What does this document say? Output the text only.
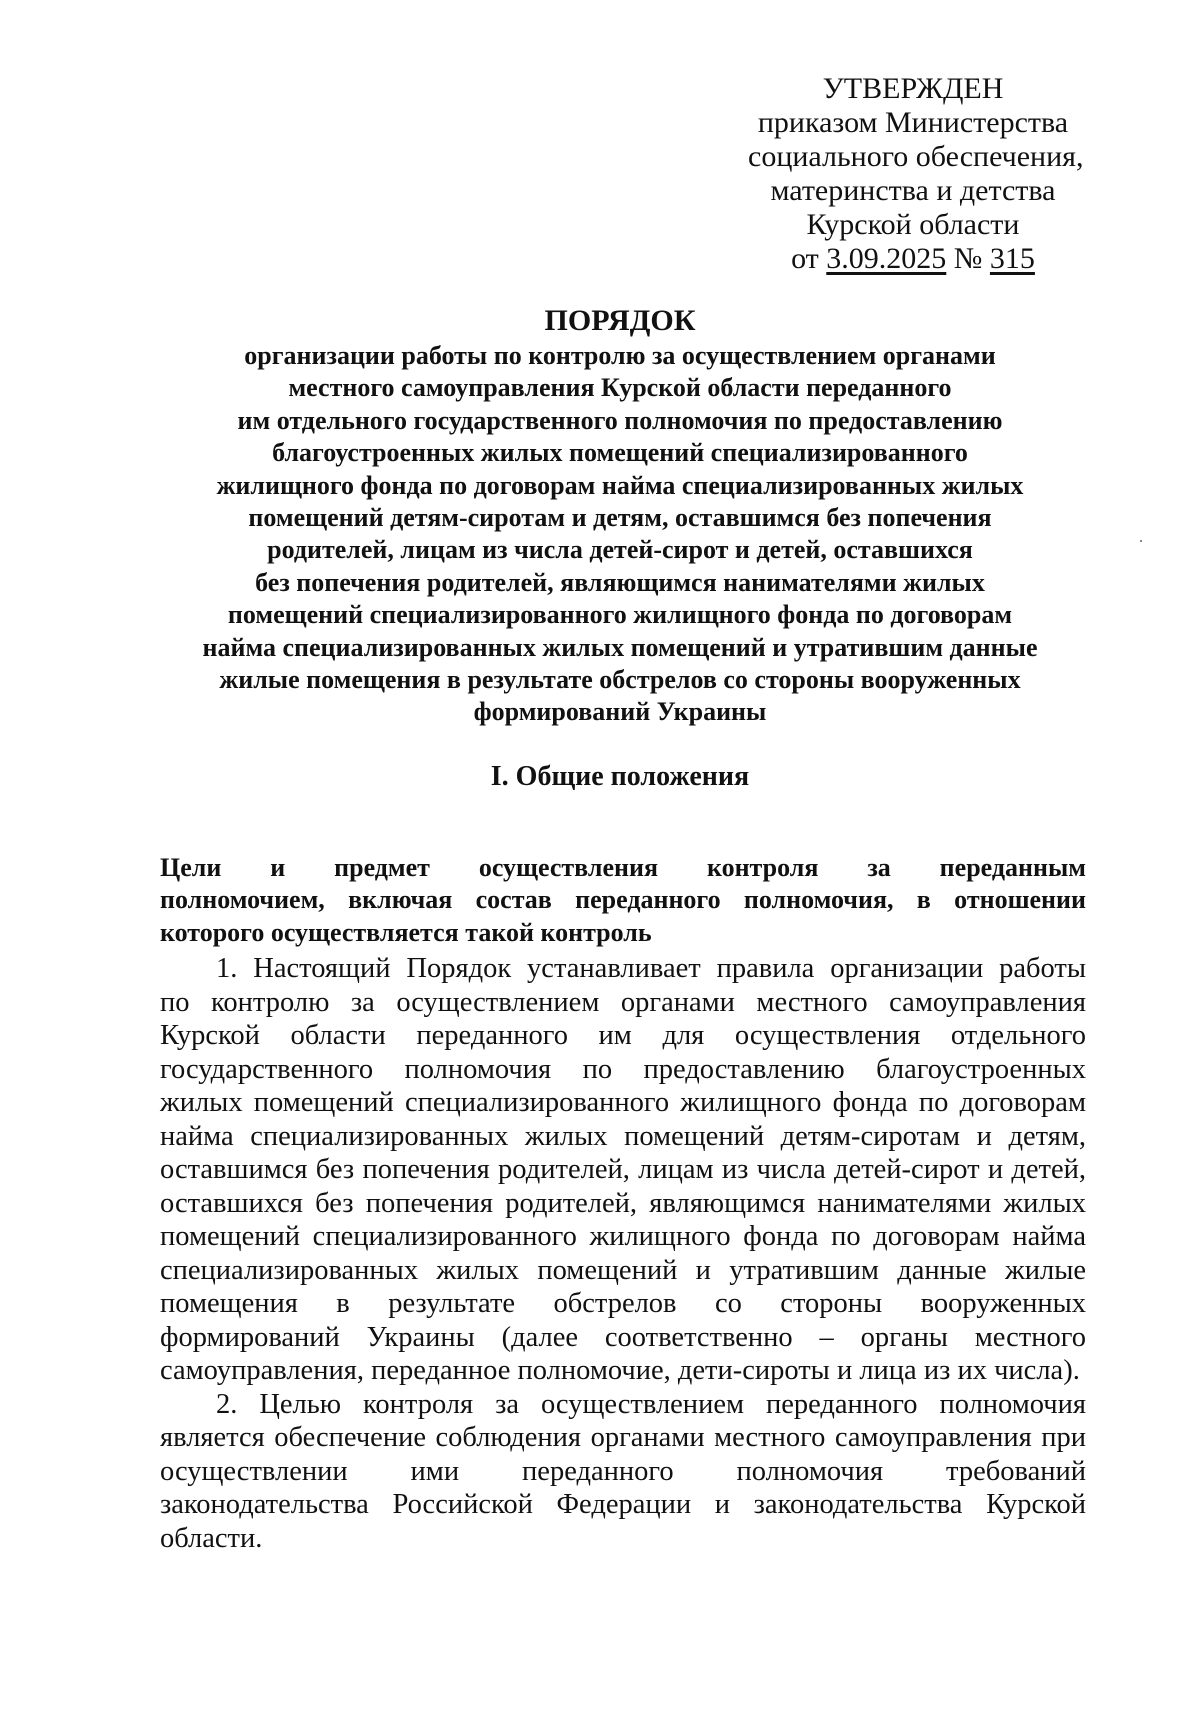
УТВЕРЖДЕН
приказом Министерства
социального обеспечения,
материнства и детства
Курской области
от 3.09.2025 № 315
ПОРЯДОК
организации работы по контролю за осуществлением органами
местного самоуправления Курской области переданного
им отдельного государственного полномочия по предоставлению
благоустроенных жилых помещений специализированного
жилищного фонда по договорам найма специализированных жилых
помещений детям-сиротам и детям, оставшимся без попечения
родителей, лицам из числа детей-сирот и детей, оставшихся
без попечения родителей, являющимся нанимателями жилых
помещений специализированного жилищного фонда по договорам
найма специализированных жилых помещений и утратившим данные
жилые помещения в результате обстрелов со стороны вооруженных
формирований Украины
I. Общие положения
Цели и предмет осуществления контроля за переданным
полномочием, включая состав переданного полномочия, в отношении
которого осуществляется такой контроль
1. Настоящий Порядок устанавливает правила организации работы
по контролю за осуществлением органами местного самоуправления
Курской области переданного им для осуществления отдельного
государственного полномочия по предоставлению благоустроенных
жилых помещений специализированного жилищного фонда по договорам
найма специализированных жилых помещений детям-сиротам и детям,
оставшимся без попечения родителей, лицам из числа детей-сирот и детей,
оставшихся без попечения родителей, являющимся нанимателями жилых
помещений специализированного жилищного фонда по договорам найма
специализированных жилых помещений и утратившим данные жилые
помещения в результате обстрелов со стороны вооруженных
формирований Украины (далее соответственно – органы местного
самоуправления, переданное полномочие, дети-сироты и лица из их числа).
2. Целью контроля за осуществлением переданного полномочия
является обеспечение соблюдения органами местного самоуправления при
осуществлении ими переданного полномочия требований
законодательства Российской Федерации и законодательства Курской
области.
